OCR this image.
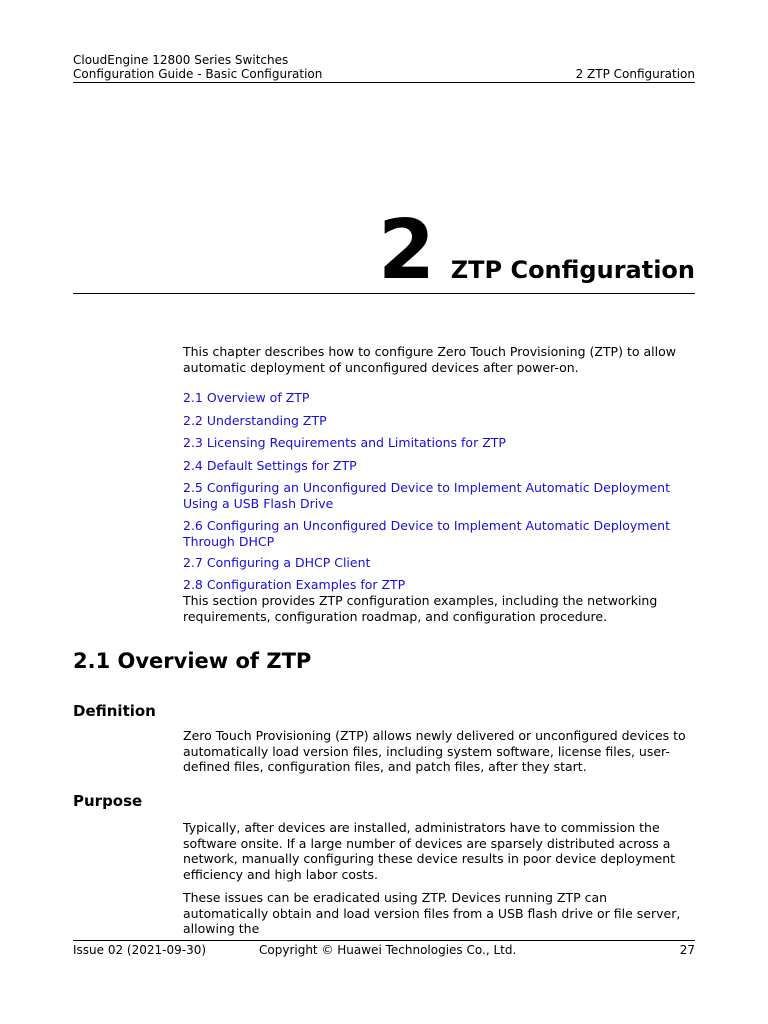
CloudEngine 12800 Series Switches
Configuration Guide - Basic Configuration	2 ZTP Configuration
2 ZTP Configuration
This chapter describes how to configure Zero Touch Provisioning (ZTP) to allow automatic deployment of unconfigured devices after power-on.
2.1 Overview of ZTP
2.2 Understanding ZTP
2.3 Licensing Requirements and Limitations for ZTP
2.4 Default Settings for ZTP
2.5 Configuring an Unconfigured Device to Implement Automatic Deployment Using a USB Flash Drive
2.6 Configuring an Unconfigured Device to Implement Automatic Deployment Through DHCP
2.7 Configuring a DHCP Client
2.8 Configuration Examples for ZTP
This section provides ZTP configuration examples, including the networking requirements, configuration roadmap, and configuration procedure.
2.1 Overview of ZTP
Definition
Zero Touch Provisioning (ZTP) allows newly delivered or unconfigured devices to automatically load version files, including system software, license files, user-defined files, configuration files, and patch files, after they start.
Purpose
Typically, after devices are installed, administrators have to commission the software onsite. If a large number of devices are sparsely distributed across a network, manually configuring these device results in poor device deployment efficiency and high labor costs.
These issues can be eradicated using ZTP. Devices running ZTP can automatically obtain and load version files from a USB flash drive or file server, allowing the
Issue 02 (2021-09-30)	Copyright © Huawei Technologies Co., Ltd.	27
